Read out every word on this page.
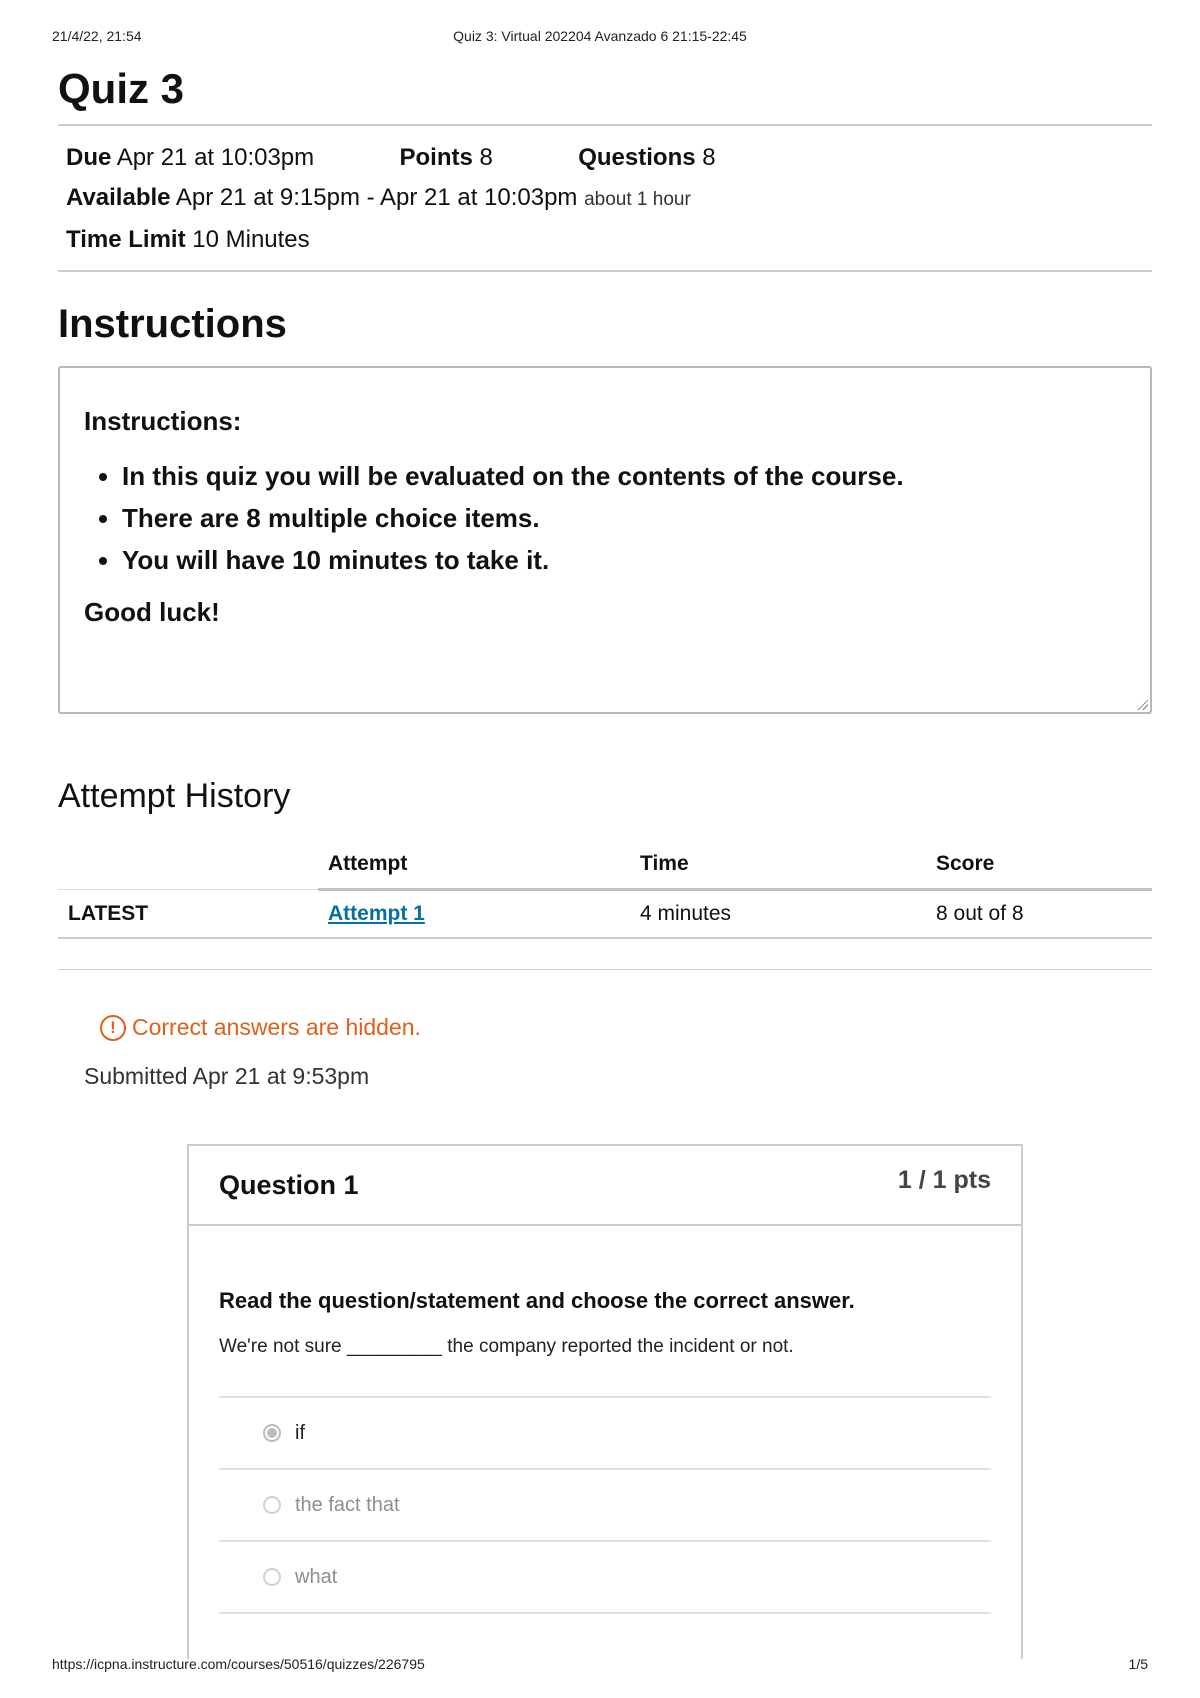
21/4/22, 21:54	Quiz 3: Virtual 202204 Avanzado 6 21:15-22:45
Quiz 3
Due Apr 21 at 10:03pm	Points 8	Questions 8
Available Apr 21 at 9:15pm - Apr 21 at 10:03pm about 1 hour
Time Limit 10 Minutes
Instructions
Instructions:
• In this quiz you will be evaluated on the contents of the course.
• There are 8 multiple choice items.
• You will have 10 minutes to take it.
Good luck!
Attempt History
	Attempt	Time	Score
LATEST	Attempt 1	4 minutes	8 out of 8
! Correct answers are hidden.
Submitted Apr 21 at 9:53pm
Question 1	1 / 1 pts

Read the question/statement and choose the correct answer.

We're not sure _________ the company reported the incident or not.

if
the fact that
what
https://icpna.instructure.com/courses/50516/quizzes/226795	1/5
